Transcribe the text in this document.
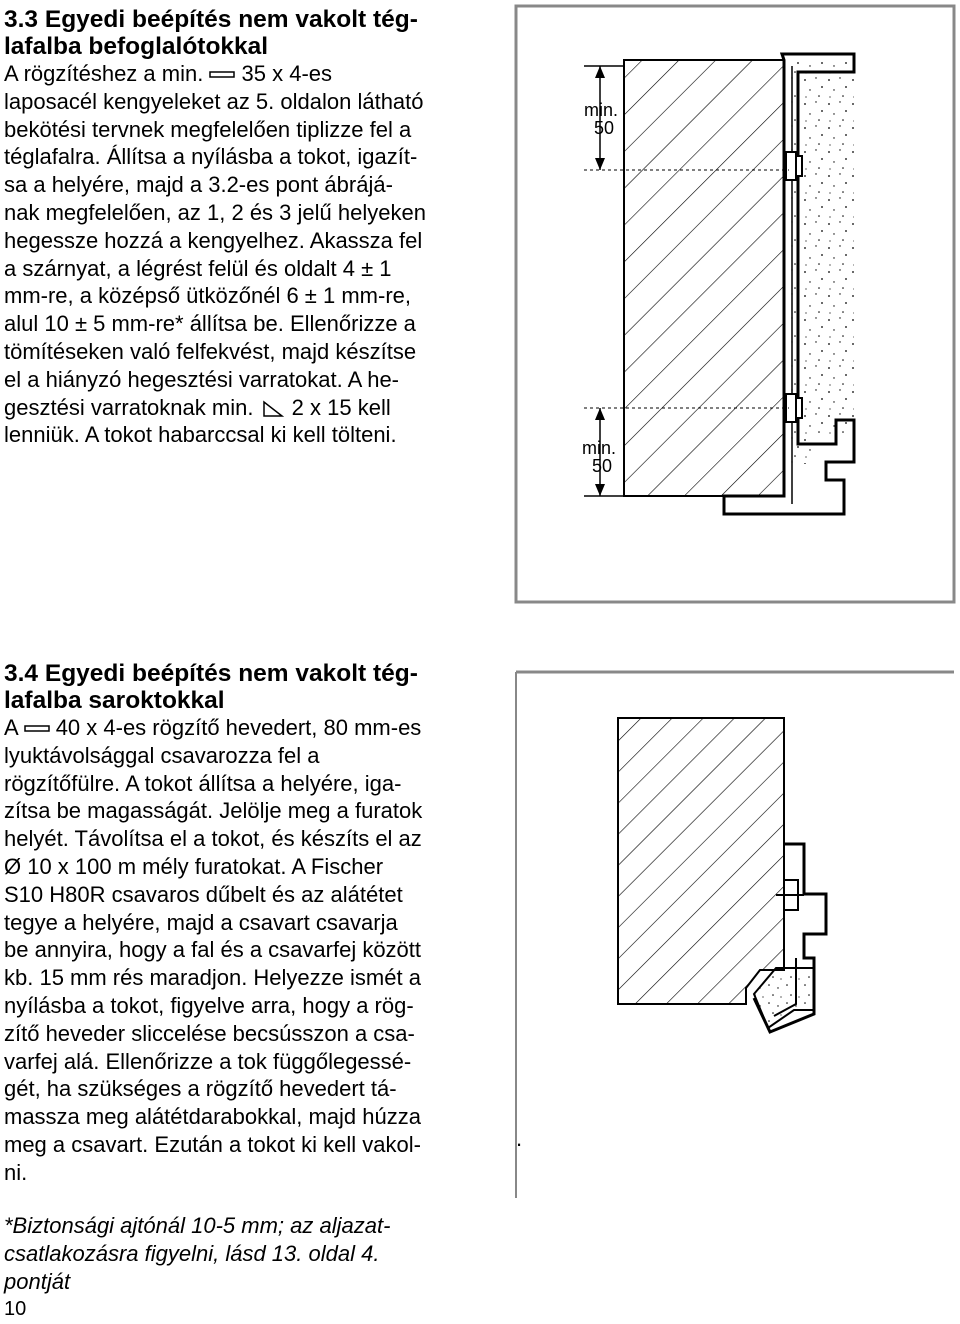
3.3 Egyedi beépítés nem vakolt tég-
lafalba befoglalótokkal

A rögzítéshez a min.  35 x 4-es
laposacél kengyeleket az 5. oldalon látható
bekötési tervnek megfelelően tiplizze fel a
téglafalra. Állítsa a nyílásba a tokot, igazít-
sa a helyére, majd a 3.2-es pont ábrájá-
nak megfelelően, az 1, 2 és 3 jelű helyeken
hegessze hozzá a kengyelhez. Akassza fel
a szárnyat, a légrést felül és oldalt 4 ± 1
mm-re, a középső ütközőnél 6 ± 1 mm-re,
alul 10 ± 5 mm-re* állítsa be. Ellenőrizze a
tömítéseken való felfekvést, majd készítse
el a hiányzó hegesztési varratokat. A he-
gesztési varratoknak min.  2 x 15 kell
lenniük. A tokot habarccsal ki kell tölteni.

min.
50
min.
50
3.4 Egyedi beépítés nem vakolt tég-
lafalba saroktokkal

A  40 x 4-es rögzítő hevedert, 80 mm-es
lyuktávolsággal csavarozza fel a
rögzítőfülre. A tokot állítsa a helyére, iga-
zítsa be magasságát. Jelölje meg a furatok
helyét. Távolítsa el a tokot, és készíts el az
Ø 10 x 100 m mély furatokat. A Fischer
S10 H80R csavaros dűbelt és az alátétet
tegye a helyére, majd a csavart csavarja
be annyira, hogy a fal és a csavarfej között
kb. 15 mm rés maradjon. Helyezze ismét a
nyílásba a tokot, figyelve arra, hogy a rög-
zítő heveder sliccelése becsússzon a csa-
varfej alá. Ellenőrizze a tok függőlegessé-
gét, ha szükséges a rögzítő hevedert tá-
massza meg alátétdarabokkal, majd húzza
meg a csavart. Ezután a tokot ki kell vakol-
ni.

.
*Biztonsági ajtónál 10-5 mm; az aljazat-
csatlakozásra figyelni, lásd 13. oldal 4.
pontját
10
